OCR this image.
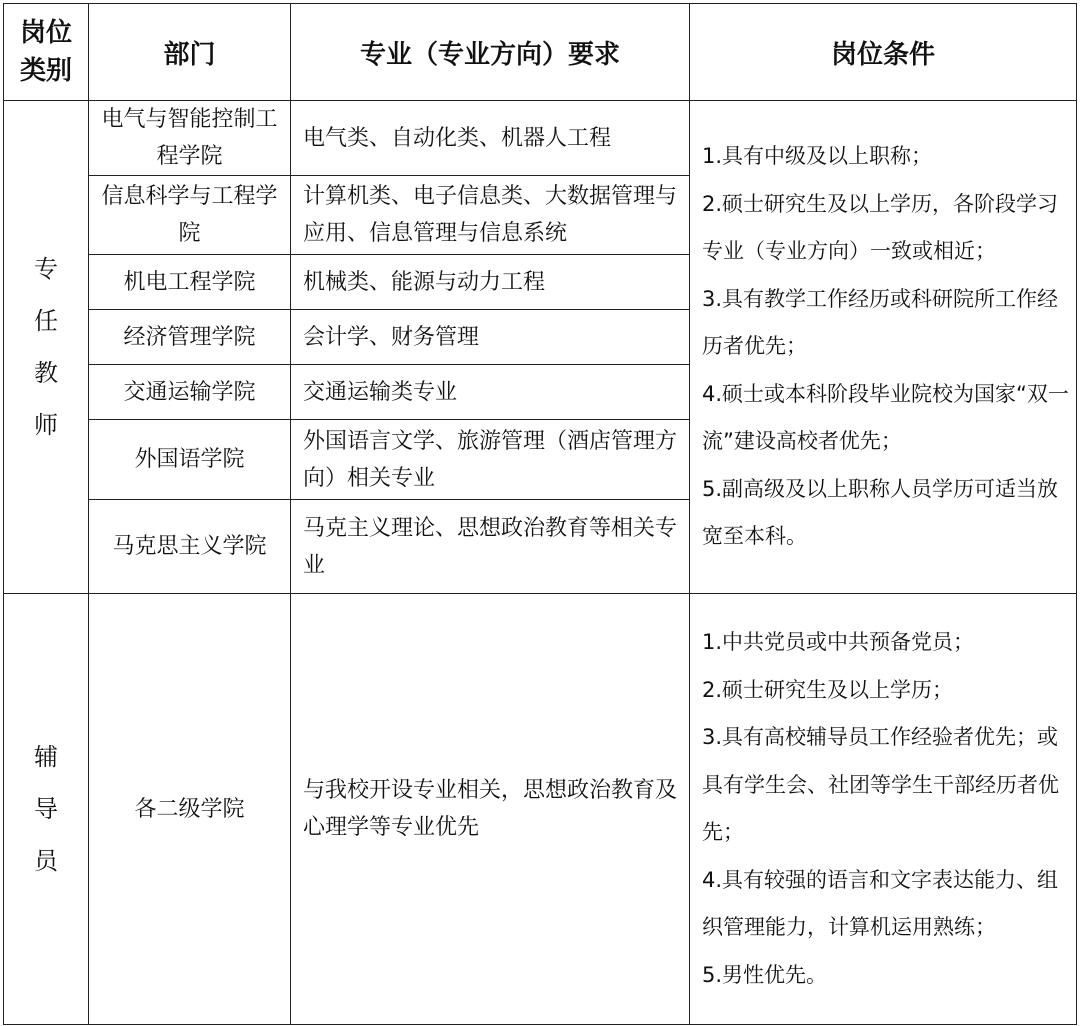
岗位类别	部门	专业（专业方向）要求	岗位条件
专任教师	电气与智能控制工程学院	电气类、自动化类、机器人工程	1.具有中级及以上职称；
2.硕士研究生及以上学历，各阶段学习专业（专业方向）一致或相近；
3.具有教学工作经历或科研院所工作经历者优先；
4.硕士或本科阶段毕业院校为国家“双一流”建设高校者优先；
5.副高级及以上职称人员学历可适当放宽至本科。

	信息科学与工程学院	计算机类、电子信息类、大数据管理与应用、信息管理与信息系统	
	机电工程学院	机械类、能源与动力工程	
	经济管理学院	会计学、财务管理	
	交通运输学院	交通运输类专业	
	外国语学院	外国语言文学、旅游管理（酒店管理方向）相关专业	
	马克思主义学院	马克主义理论、思想政治教育等相关专业	
辅导员	各二级学院	与我校开设专业相关，思想政治教育及心理学等专业优先	1.中共党员或中共预备党员；
2.硕士研究生及以上学历；
3.具有高校辅导员工作经验者优先；或具有学生会、社团等学生干部经历者优先；
4.具有较强的语言和文字表达能力、组织管理能力，计算机运用熟练；
5.男性优先。
